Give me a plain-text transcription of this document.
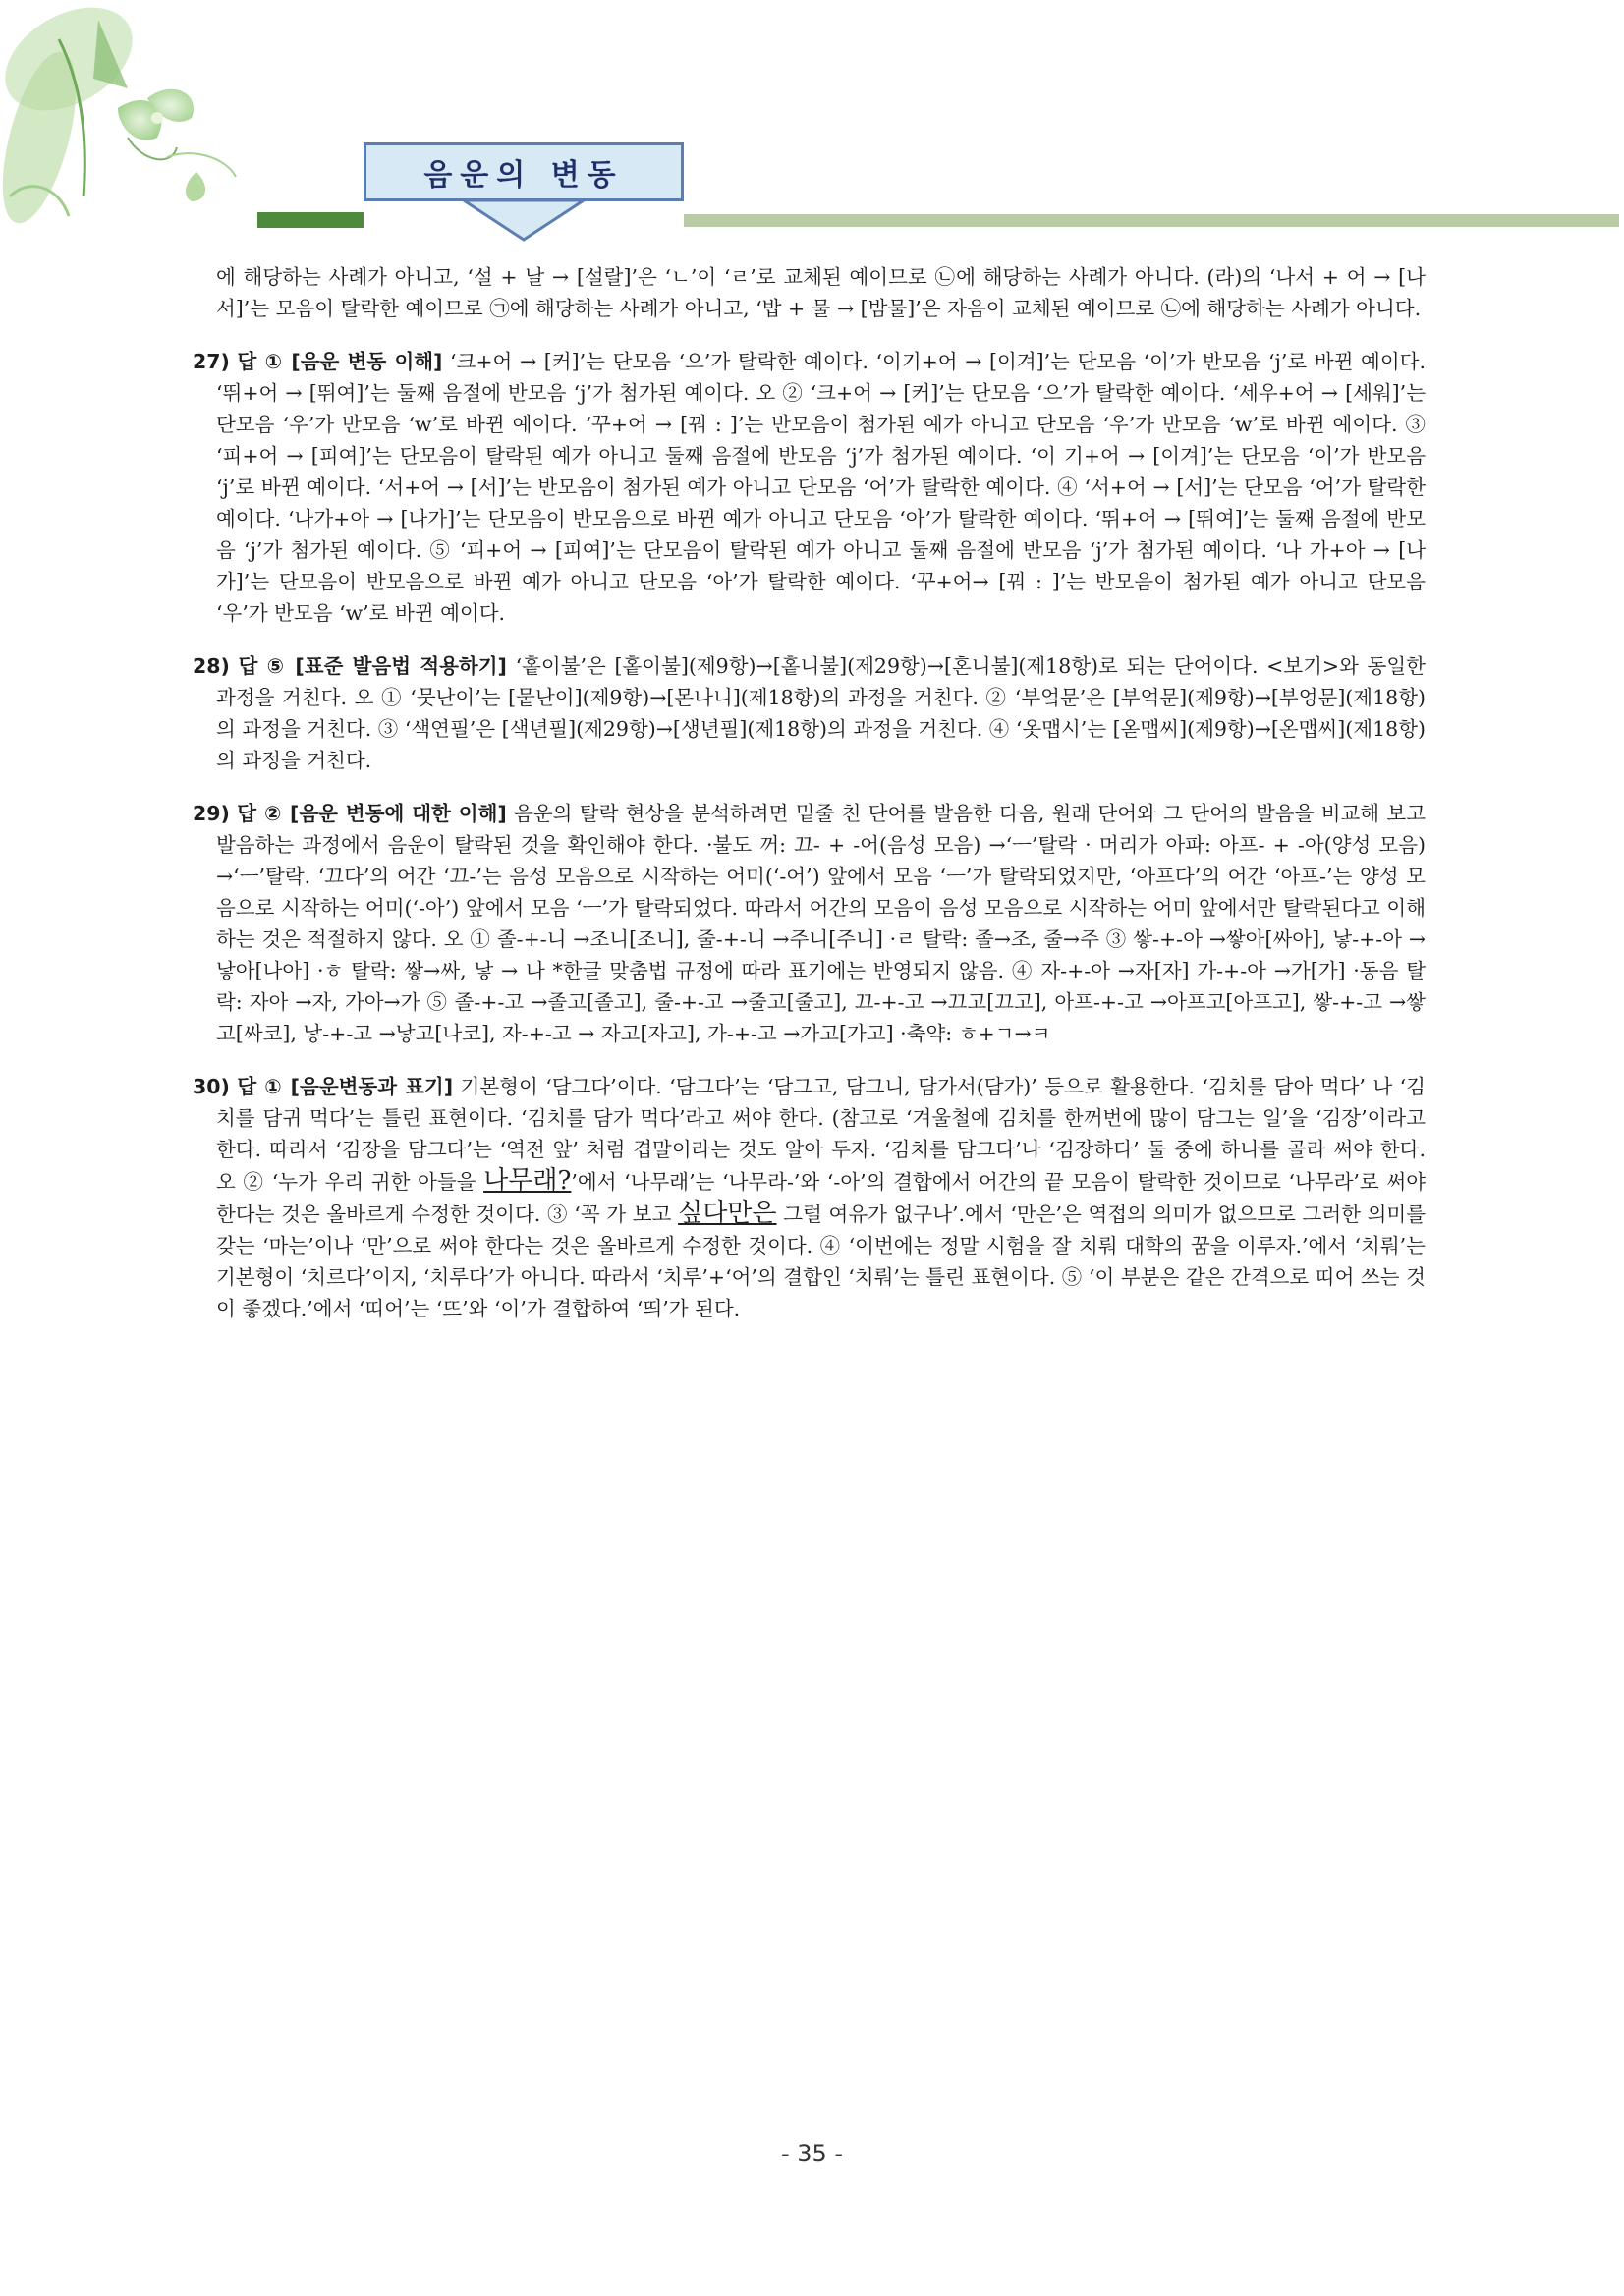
음운의 변동

에 해당하는 사례가 아니고, ‘설 + 날 → [설랄]’은 ‘ㄴ’이 ‘ㄹ’로 교체된 예이므로 ㉡에 해당하는 사례가 아니다. (라)의 ‘나서 + 어 → [나서]’는 모음이 탈락한 예이므로 ㉠에 해당하는 사례가 아니고, ‘밥 + 물 → [밤물]’은 자음이 교체된 예이므로 ㉡에 해당하는 사례가 아니다.

27) 답 ① [음운 변동 이해] ‘크+어 → [커]’는 단모음 ‘으’가 탈락한 예이다. ‘이기+어 → [이겨]’는 단모음 ‘이’가 반모음 ‘j’로 바뀐 예이다. ‘뛰+어 → [뛰여]’는 둘째 음절에 반모음 ‘j’가 첨가된 예이다. 오 ② ‘크+어 → [커]’는 단모음 ‘으’가 탈락한 예이다. ‘세우+어 → [세워]’는 단모음 ‘우’가 반모음 ‘w’로 바뀐 예이다. ‘꾸+어 → [꿔 : ]’는 반모음이 첨가된 예가 아니고 단모음 ‘우’가 반모음 ‘w’로 바뀐 예이다. ③ ‘피+어 → [피여]’는 단모음이 탈락된 예가 아니고 둘째 음절에 반모음 ‘j’가 첨가된 예이다. ‘이 기+어 → [이겨]’는 단모음 ‘이’가 반모음 ‘j’로 바뀐 예이다. ‘서+어 → [서]’는 반모음이 첨가된 예가 아니고 단모음 ‘어’가 탈락한 예이다. ④ ‘서+어 → [서]’는 단모음 ‘어’가 탈락한 예이다. ‘나가+아 → [나가]’는 단모음이 반모음으로 바뀐 예가 아니고 단모음 ‘아’가 탈락한 예이다. ‘뛰+어 → [뛰여]’는 둘째 음절에 반모음 ‘j’가 첨가된 예이다. ⑤ ‘피+어 → [피여]’는 단모음이 탈락된 예가 아니고 둘째 음절에 반모음 ‘j’가 첨가된 예이다. ‘나 가+아 → [나가]’는 단모음이 반모음으로 바뀐 예가 아니고 단모음 ‘아’가 탈락한 예이다. ‘꾸+어→ [꿔 : ]’는 반모음이 첨가된 예가 아니고 단모음 ‘우’가 반모음 ‘w’로 바뀐 예이다.

28) 답 ⑤ [표준 발음법 적용하기] ‘홑이불’은 [홑이불](제9항)→[홑니불](제29항)→[혼니불](제18항)로 되는 단어이다. <보기>와 동일한 과정을 거친다. 오 ① ‘뭇난이’는 [뭍난이](제9항)→[몬나니](제18항)의 과정을 거친다. ② ‘부엌문’은 [부억문](제9항)→[부엉문](제18항)의 과정을 거친다. ③ ‘색연필’은 [색년필](제29항)→[생년필](제18항)의 과정을 거친다. ④ ‘옷맵시’는 [옫맵씨](제9항)→[온맵씨](제18항)의 과정을 거친다.

29) 답 ② [음운 변동에 대한 이해] 음운의 탈락 현상을 분석하려면 밑줄 친 단어를 발음한 다음, 원래 단어와 그 단어의 발음을 비교해 보고 발음하는 과정에서 음운이 탈락된 것을 확인해야 한다. ·불도 꺼: 끄- + -어(음성 모음) →‘ㅡ’탈락 · 머리가 아파: 아프- + -아(양성 모음) →‘ㅡ’탈락. ‘끄다’의 어간 ‘끄-’는 음성 모음으로 시작하는 어미(‘-어’) 앞에서 모음 ‘ㅡ’가 탈락되었지만, ‘아프다’의 어간 ‘아프-’는 양성 모음으로 시작하는 어미(‘-아’) 앞에서 모음 ‘ㅡ’가 탈락되었다. 따라서 어간의 모음이 음성 모음으로 시작하는 어미 앞에서만 탈락된다고 이해하는 것은 적절하지 않다. 오 ① 졸-+-니 →조니[조니], 줄-+-니 →주니[주니] ·ㄹ 탈락: 졸→조, 줄→주 ③ 쌓-+-아 →쌓아[싸아], 낳-+-아 →낳아[나아] ·ㅎ 탈락: 쌓→싸, 낳 → 나 *한글 맞춤법 규정에 따라 표기에는 반영되지 않음. ④ 자-+-아 →자[자] 가-+-아 →가[가] ·동음 탈락: 자아 →자, 가아→가 ⑤ 졸-+-고 →졸고[졸고], 줄-+-고 →줄고[줄고], 끄-+-고 →끄고[끄고], 아프-+-고 →아프고[아프고], 쌓-+-고 →쌓고[싸코], 낳-+-고 →낳고[나코], 자-+-고 → 자고[자고], 가-+-고 →가고[가고] ·축약: ㅎ+ㄱ→ㅋ

30) 답 ① [음운변동과 표기] 기본형이 ‘담그다’이다. ‘담그다’는 ‘담그고, 담그니, 담가서(담가)’ 등으로 활용한다. ‘김치를 담아 먹다’ 나 ‘김치를 담귀 먹다’는 틀린 표현이다. ‘김치를 담가 먹다’라고 써야 한다. (참고로 ‘겨울철에 김치를 한꺼번에 많이 담그는 일’을 ‘김장’이라고 한다. 따라서 ‘김장을 담그다’는 ‘역전 앞’ 처럼 겹말이라는 것도 알아 두자. ‘김치를 담그다’나 ‘김장하다’ 둘 중에 하나를 골라 써야 한다. 오 ② ‘누가 우리 귀한 아들을 나무래?’에서 ‘나무래’는 ‘나무라-’와 ‘-아’의 결합에서 어간의 끝 모음이 탈락한 것이므로 ‘나무라’로 써야 한다는 것은 올바르게 수정한 것이다. ③ ‘꼭 가 보고 싶다만은 그럴 여유가 없구나’.에서 ‘만은’은 역접의 의미가 없으므로 그러한 의미를 갖는 ‘마는’이나 ‘만’으로 써야 한다는 것은 올바르게 수정한 것이다. ④ ‘이번에는 정말 시험을 잘 치뤄 대학의 꿈을 이루자.’에서 ‘치뤄’는 기본형이 ‘치르다’이지, ‘치루다’가 아니다. 따라서 ‘치루’+‘어’의 결합인 ‘치뤄’는 틀린 표현이다. ⑤ ‘이 부분은 같은 간격으로 띠어 쓰는 것이 좋겠다.’에서 ‘띠어’는 ‘뜨’와 ‘이’가 결합하여 ‘띄’가 된다.

- 35 -
